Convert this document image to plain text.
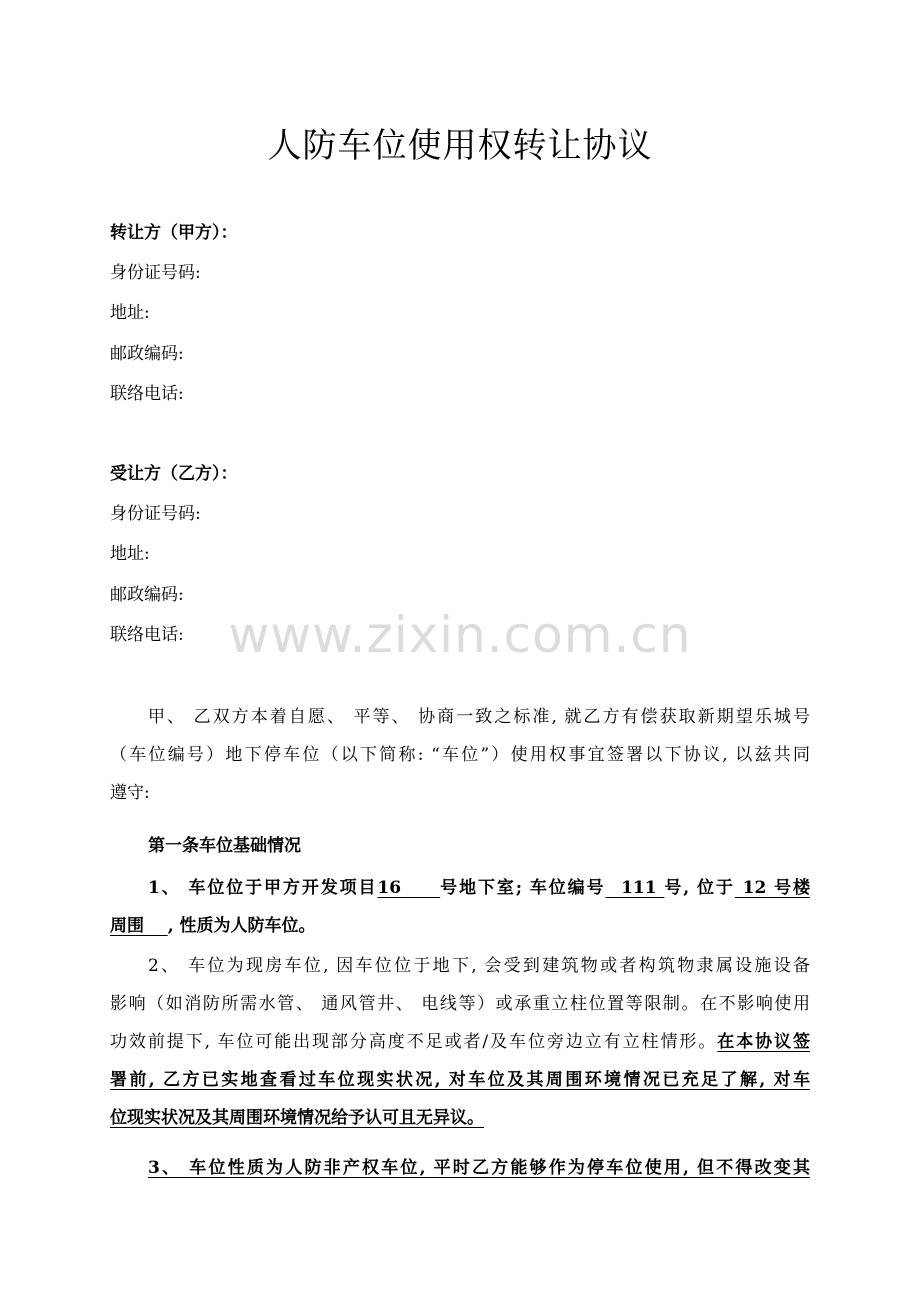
人防车位使用权转让协议
转让方（甲方）：
身份证号码:
地址:
邮政编码:
联络电话:
受让方（乙方）：
身份证号码:
地址:
邮政编码:
联络电话: www.zixin.com.cn
甲、 乙双方本着自愿、 平等、 协商一致之标准, 就乙方有偿获取新期望乐城号
（车位编号）地下停车位（以下简称: “车位”）使用权事宜签署以下协议, 以兹共同
遵守:
第一条车位基础情况
1、 车位位于甲方开发项目16     号地下室; 车位编号  111 号, 位于 12 号楼
周围    , 性质为人防车位。
2、 车位为现房车位, 因车位位于地下, 会受到建筑物或者构筑物隶属设施设备
影响（如消防所需水管、 通风管井、 电线等）或承重立柱位置等限制。在不影响使用
功效前提下, 车位可能出现部分高度不足或者/及车位旁边立有立柱情形。在本协议签
署前, 乙方已实地查看过车位现实状况, 对车位及其周围环境情况已充足了解, 对车
位现实状况及其周围环境情况给予认可且无异议。
3、 车位性质为人防非产权车位, 平时乙方能够作为停车位使用, 但不得改变其
